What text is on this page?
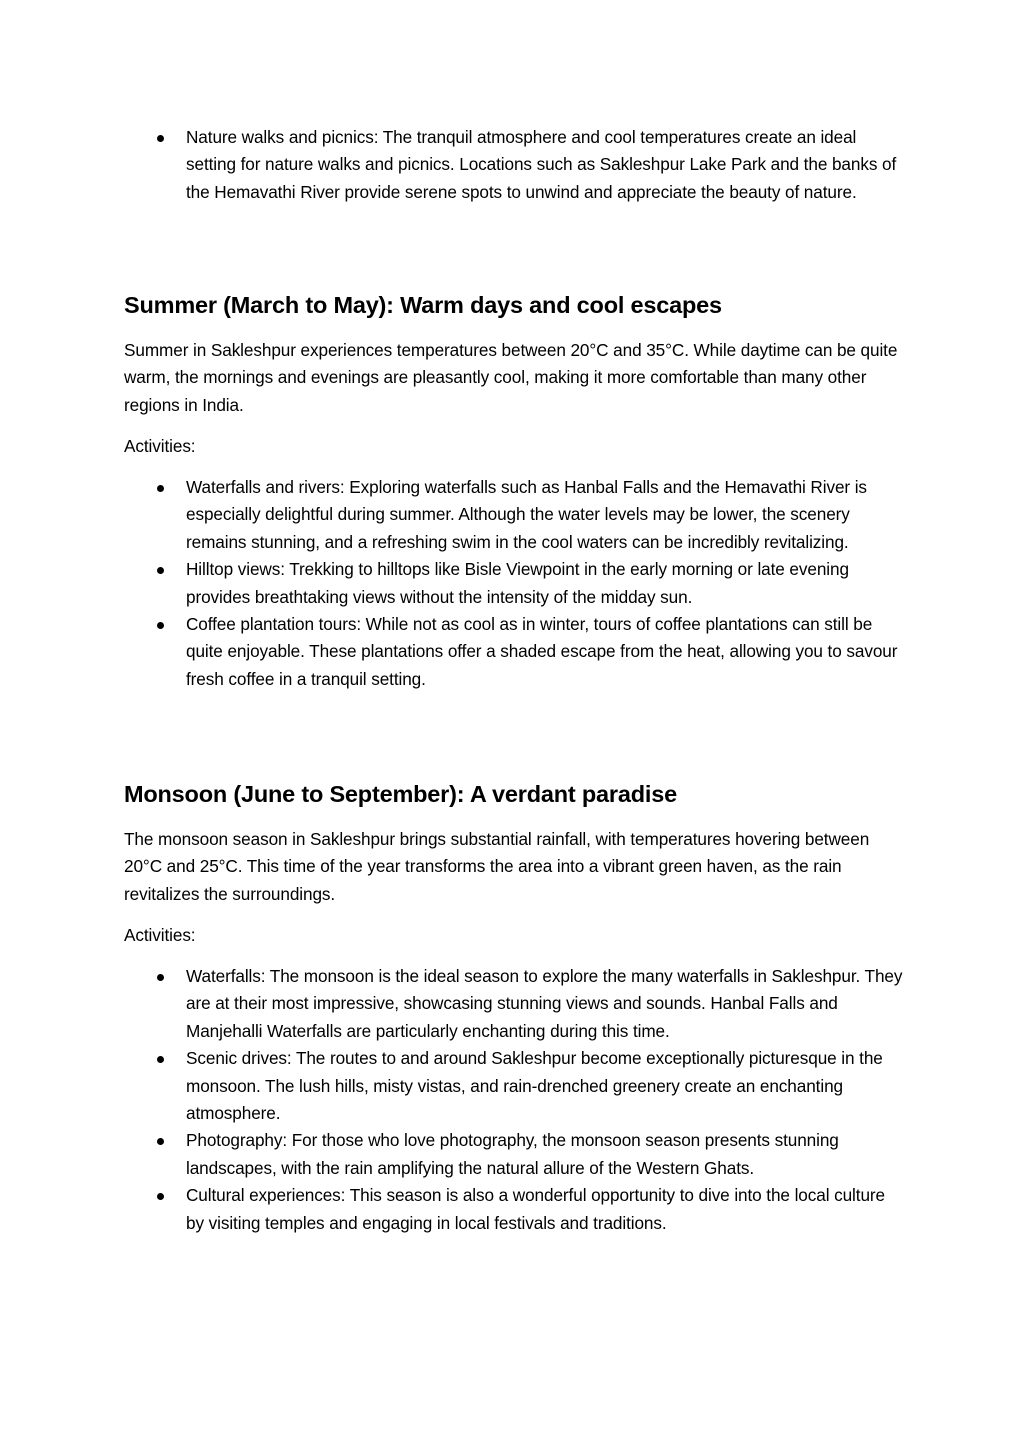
Nature walks and picnics: The tranquil atmosphere and cool temperatures create an ideal setting for nature walks and picnics. Locations such as Sakleshpur Lake Park and the banks of the Hemavathi River provide serene spots to unwind and appreciate the beauty of nature.
Summer (March to May): Warm days and cool escapes

Summer in Sakleshpur experiences temperatures between 20°C and 35°C. While daytime can be quite warm, the mornings and evenings are pleasantly cool, making it more comfortable than many other regions in India.

Activities:

Waterfalls and rivers: Exploring waterfalls such as Hanbal Falls and the Hemavathi River is especially delightful during summer. Although the water levels may be lower, the scenery remains stunning, and a refreshing swim in the cool waters can be incredibly revitalizing.
Hilltop views: Trekking to hilltops like Bisle Viewpoint in the early morning or late evening provides breathtaking views without the intensity of the midday sun.
Coffee plantation tours: While not as cool as in winter, tours of coffee plantations can still be quite enjoyable. These plantations offer a shaded escape from the heat, allowing you to savour fresh coffee in a tranquil setting.
Monsoon (June to September): A verdant paradise

The monsoon season in Sakleshpur brings substantial rainfall, with temperatures hovering between 20°C and 25°C. This time of the year transforms the area into a vibrant green haven, as the rain revitalizes the surroundings.

Activities:

Waterfalls: The monsoon is the ideal season to explore the many waterfalls in Sakleshpur. They are at their most impressive, showcasing stunning views and sounds. Hanbal Falls and Manjehalli Waterfalls are particularly enchanting during this time.
Scenic drives: The routes to and around Sakleshpur become exceptionally picturesque in the monsoon. The lush hills, misty vistas, and rain-drenched greenery create an enchanting atmosphere.
Photography: For those who love photography, the monsoon season presents stunning landscapes, with the rain amplifying the natural allure of the Western Ghats.
Cultural experiences: This season is also a wonderful opportunity to dive into the local culture by visiting temples and engaging in local festivals and traditions.
